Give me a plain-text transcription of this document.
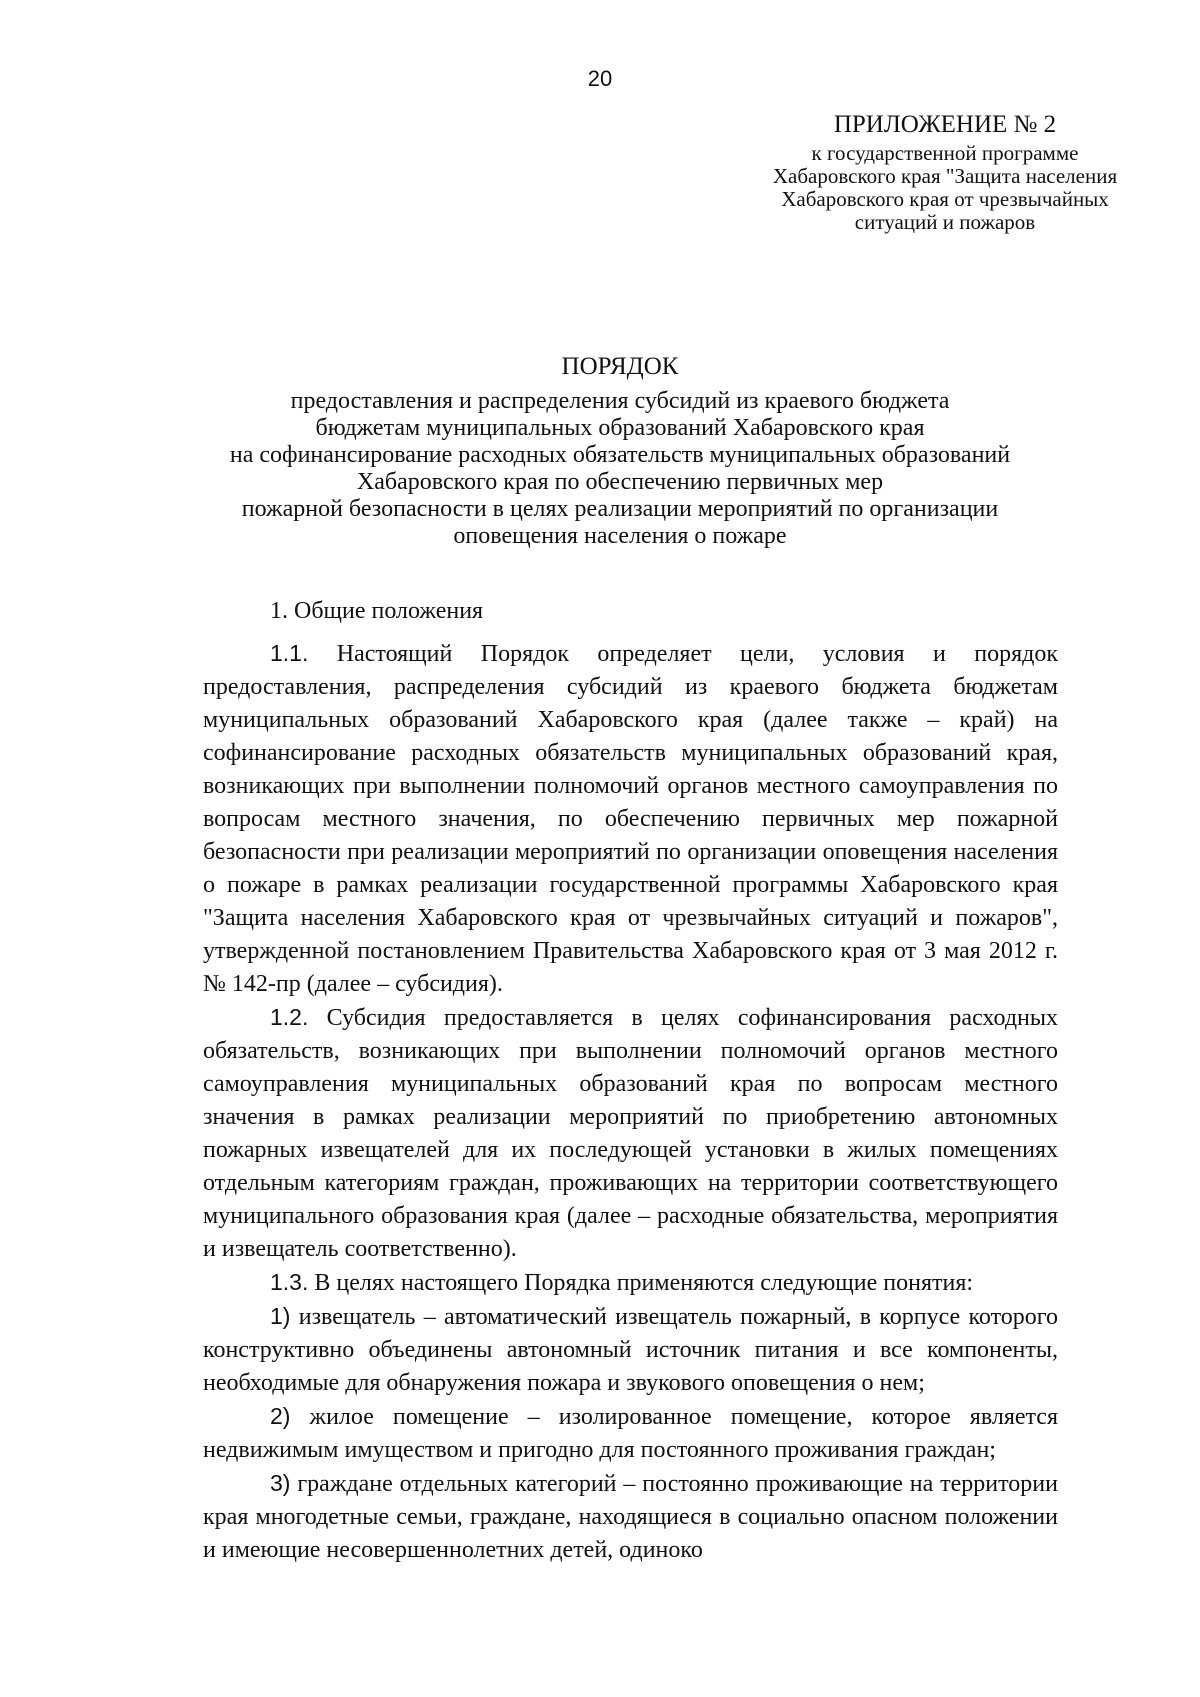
20
ПРИЛОЖЕНИЕ № 2
к государственной программе
Хабаровского края "Защита населения
Хабаровского края от чрезвычайных
ситуаций и пожаров
ПОРЯДОК
предоставления и распределения субсидий из краевого бюджета
бюджетам муниципальных образований Хабаровского края
на софинансирование расходных обязательств муниципальных образований
Хабаровского края по обеспечению первичных мер
пожарной безопасности в целях реализации мероприятий по организации
оповещения населения о пожаре
1. Общие положения

1.1. Настоящий Порядок определяет цели, условия и порядок предоставления, распределения субсидий из краевого бюджета бюджетам муниципальных образований Хабаровского края (далее также – край) на софинансирование расходных обязательств муниципальных образований края, возникающих при выполнении полномочий органов местного самоуправления по вопросам местного значения, по обеспечению первичных мер пожарной безопасности при реализации мероприятий по организации оповещения населения о пожаре в рамках реализации государственной программы Хабаровского края "Защита населения Хабаровского края от чрезвычайных ситуаций и пожаров", утвержденной постановлением Правительства Хабаровского края от 3 мая 2012 г. № 142-пр (далее – субсидия).

1.2. Субсидия предоставляется в целях софинансирования расходных обязательств, возникающих при выполнении полномочий органов местного самоуправления муниципальных образований края по вопросам местного значения в рамках реализации мероприятий по приобретению автономных пожарных извещателей для их последующей установки в жилых помещениях отдельным категориям граждан, проживающих на территории соответствующего муниципального образования края (далее – расходные обязательства, мероприятия и извещатель соответственно).

1.3. В целях настоящего Порядка применяются следующие понятия:

1) извещатель – автоматический извещатель пожарный, в корпусе которого конструктивно объединены автономный источник питания и все компоненты, необходимые для обнаружения пожара и звукового оповещения о нем;

2) жилое помещение – изолированное помещение, которое является недвижимым имуществом и пригодно для постоянного проживания граждан;

3) граждане отдельных категорий – постоянно проживающие на территории края многодетные семьи, граждане, находящиеся в социально опасном положении и имеющие несовершеннолетних детей, одиноко
